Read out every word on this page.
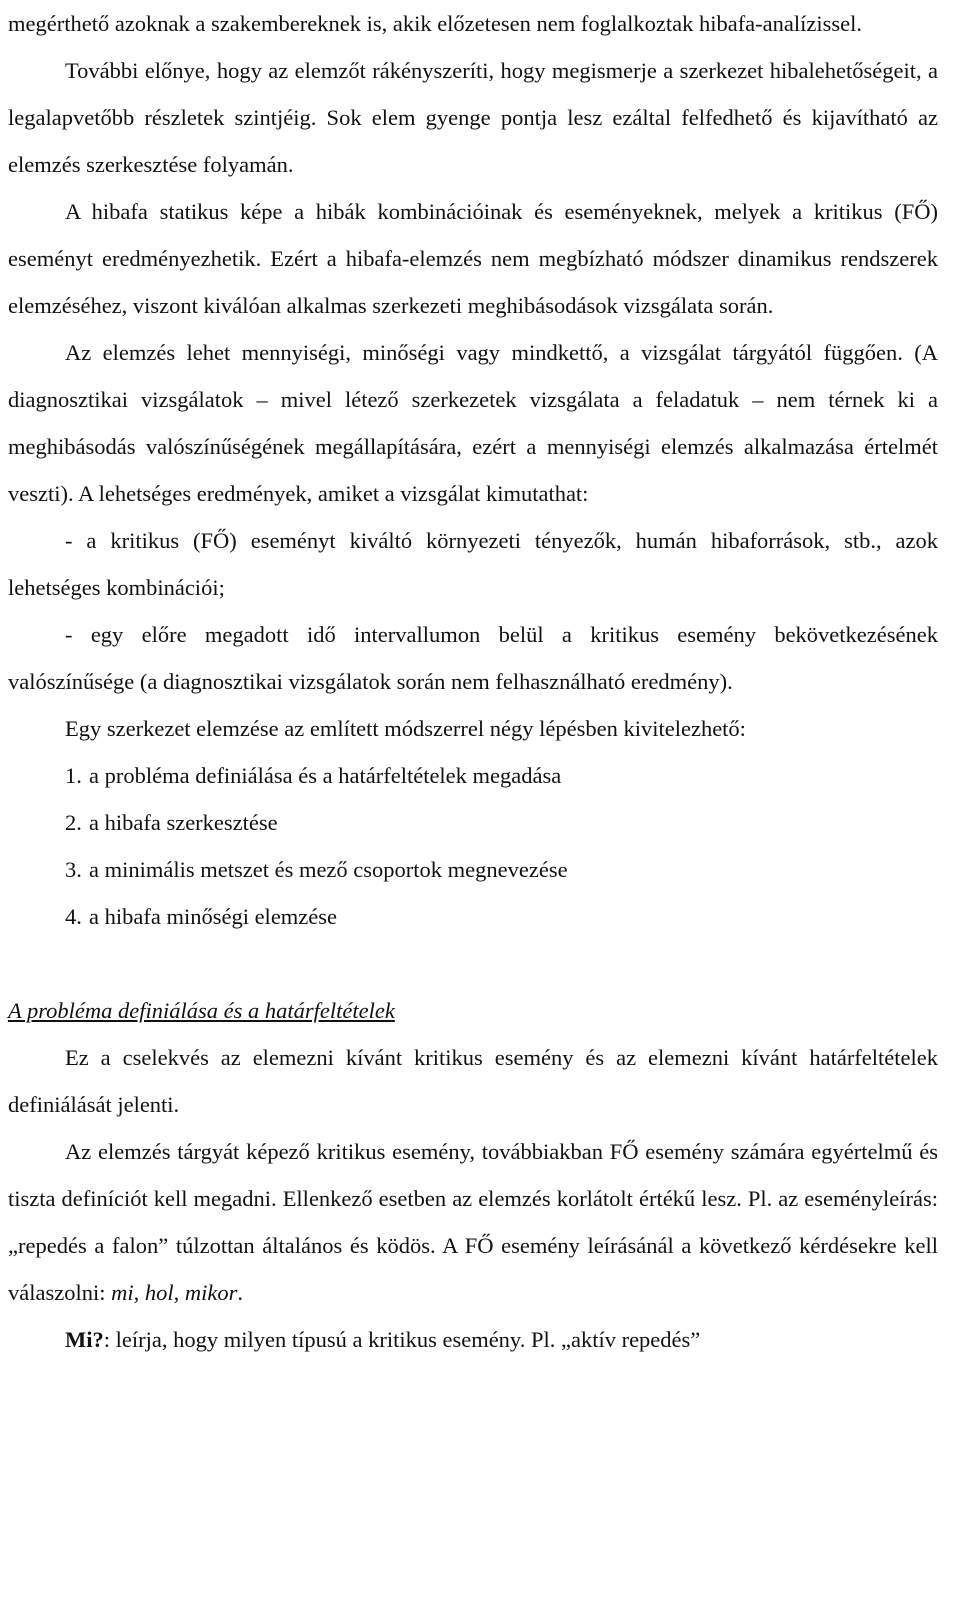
megérthető azoknak a szakembereknek is, akik előzetesen nem foglalkoztak hibafa-analízissel.

További előnye, hogy az elemzőt rákényszeríti, hogy megismerje a szerkezet hibalehetőségeit, a legalapvetőbb részletek szintjéig. Sok elem gyenge pontja lesz ezáltal felfedhető és kijavítható az elemzés szerkesztése folyamán.

A hibafa statikus képe a hibák kombinációinak és eseményeknek, melyek a kritikus (FŐ) eseményt eredményezhetik. Ezért a hibafa-elemzés nem megbízható módszer dinamikus rendszerek elemzéséhez, viszont kiválóan alkalmas szerkezeti meghibásodások vizsgálata során.

Az elemzés lehet mennyiségi, minőségi vagy mindkettő, a vizsgálat tárgyától függően. (A diagnosztikai vizsgálatok – mivel létező szerkezetek vizsgálata a feladatuk – nem térnek ki a meghibásodás valószínűségének megállapítására, ezért a mennyiségi elemzés alkalmazása értelmét veszti). A lehetséges eredmények, amiket a vizsgálat kimutathat:

- a kritikus (FŐ) eseményt kiváltó környezeti tényezők, humán hibaforrások, stb., azok lehetséges kombinációi;

- egy előre megadott idő intervallumon belül a kritikus esemény bekövetkezésének valószínűsége (a diagnosztikai vizsgálatok során nem felhasználható eredmény).

Egy szerkezet elemzése az említett módszerrel négy lépésben kivitelezhető:

1. a probléma definiálása és a határfeltételek megadása
2. a hibafa szerkesztése
3. a minimális metszet és mező csoportok megnevezése
4. a hibafa minőségi elemzése

A probléma definiálása és a határfeltételek

Ez a cselekvés az elemezni kívánt kritikus esemény és az elemezni kívánt határfeltételek definiálását jelenti.

Az elemzés tárgyát képező kritikus esemény, továbbiakban FŐ esemény számára egyértelmű és tiszta definíciót kell megadni. Ellenkező esetben az elemzés korlátolt értékű lesz. Pl. az eseményleírás: „repedés a falon” túlzottan általános és ködös. A FŐ esemény leírásánál a következő kérdésekre kell válaszolni: mi, hol, mikor.

Mi?: leírja, hogy milyen típusú a kritikus esemény. Pl. „aktív repedés”
